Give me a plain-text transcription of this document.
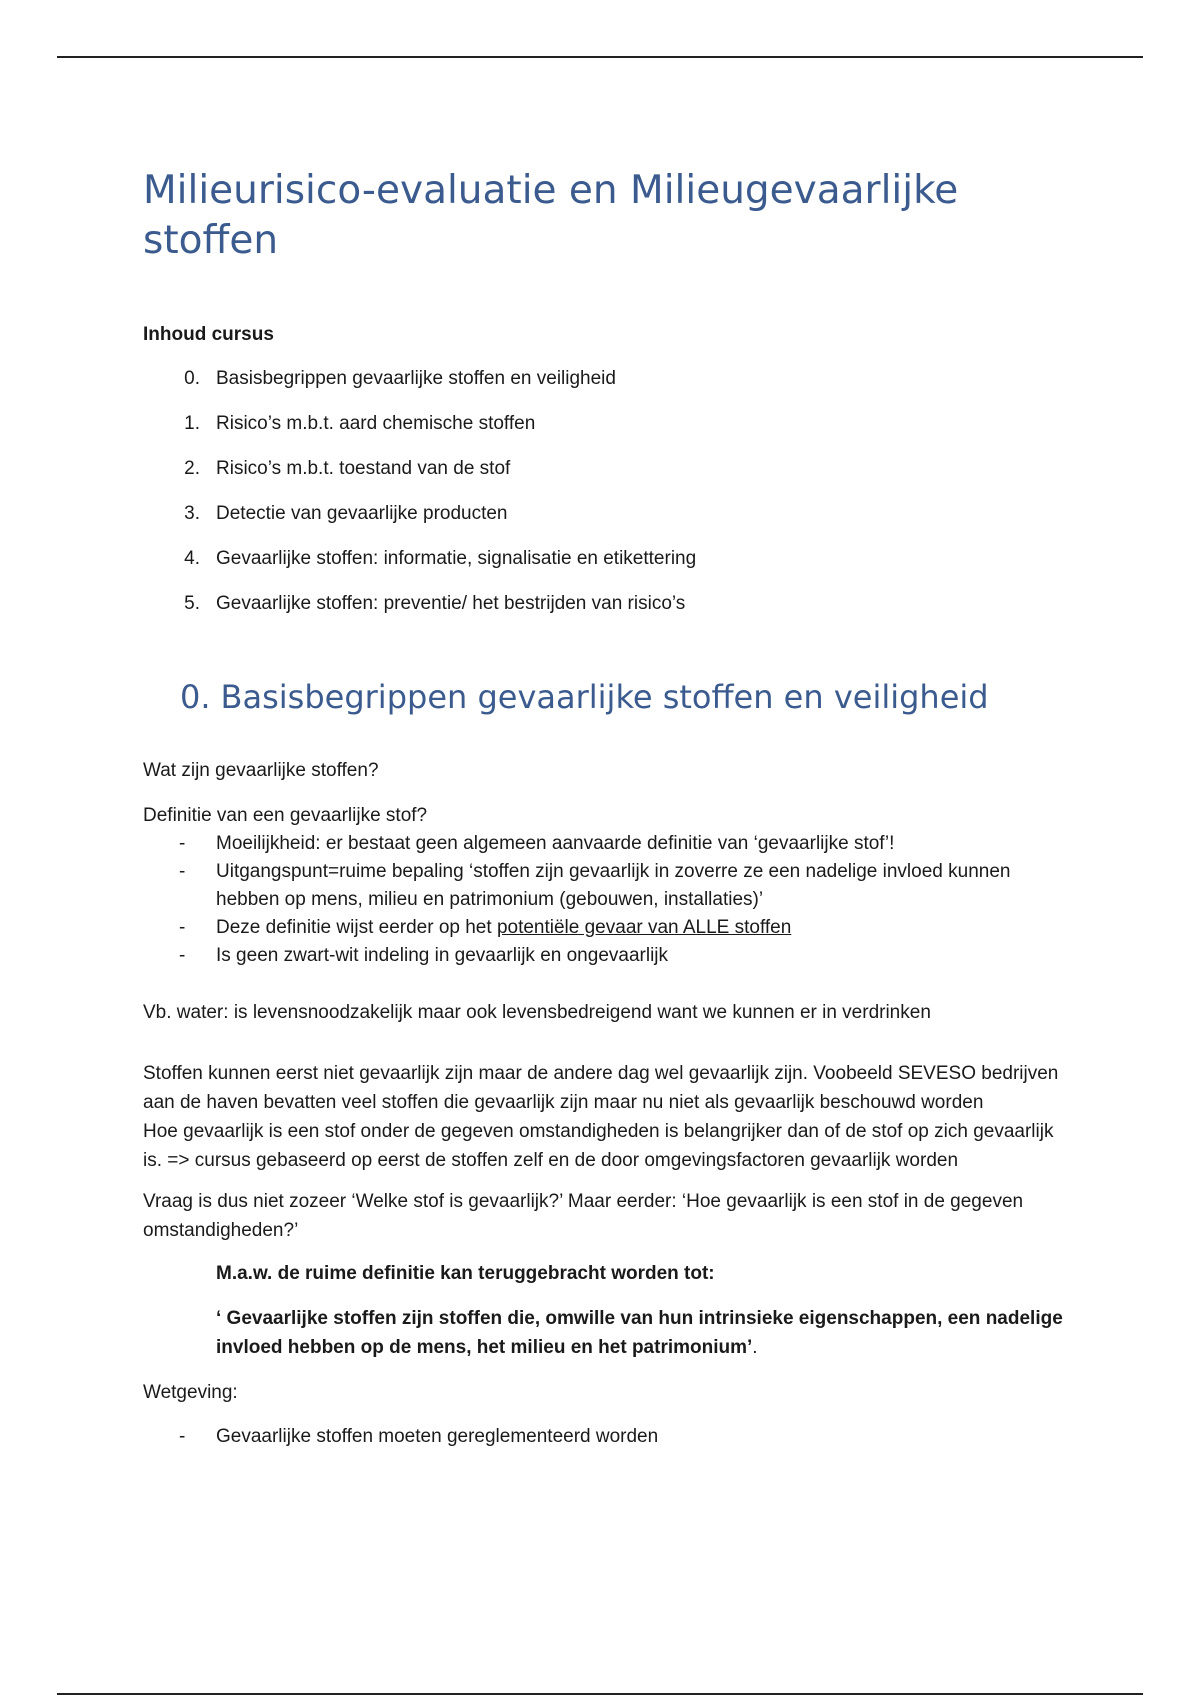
Milieurisico-evaluatie en Milieugevaarlijke stoffen
Inhoud cursus
0. Basisbegrippen gevaarlijke stoffen en veiligheid
1. Risico’s m.b.t. aard chemische stoffen
2. Risico’s m.b.t. toestand van de stof
3. Detectie van gevaarlijke producten
4. Gevaarlijke stoffen: informatie, signalisatie en etikettering
5. Gevaarlijke stoffen: preventie/ het bestrijden van risico’s
0. Basisbegrippen gevaarlijke stoffen en veiligheid

Wat zijn gevaarlijke stoffen?

Definitie van een gevaarlijke stof?

-	Moeilijkheid: er bestaat geen algemeen aanvaarde definitie van ‘gevaarlijke stof’!
-	Uitgangspunt=ruime bepaling ‘stoffen zijn gevaarlijk in zoverre ze een nadelige invloed kunnen hebben op mens, milieu en patrimonium (gebouwen, installaties)’
-	Deze definitie wijst eerder op het potentiële gevaar van ALLE stoffen
-	Is geen zwart-wit indeling in gevaarlijk en ongevaarlijk

Vb. water: is levensnoodzakelijk maar ook levensbedreigend want we kunnen er in verdrinken

Stoffen kunnen eerst niet gevaarlijk zijn maar de andere dag wel gevaarlijk zijn. Voobeeld SEVESO bedrijven aan de haven bevatten veel stoffen die gevaarlijk zijn maar nu niet als gevaarlijk beschouwd worden

Hoe gevaarlijk is een stof onder de gegeven omstandigheden is belangrijker dan of de stof op zich gevaarlijk is. => cursus gebaseerd op eerst de stoffen zelf en de door omgevingsfactoren gevaarlijk worden

Vraag is dus niet zozeer ‘Welke stof is gevaarlijk?’ Maar eerder: ‘Hoe gevaarlijk is een stof in de gegeven omstandigheden?’

M.a.w. de ruime definitie kan teruggebracht worden tot:

‘ Gevaarlijke stoffen zijn stoffen die, omwille van hun intrinsieke eigenschappen, een nadelige invloed hebben op de mens, het milieu en het patrimonium’.

Wetgeving:

-	Gevaarlijke stoffen moeten gereglementeerd worden
